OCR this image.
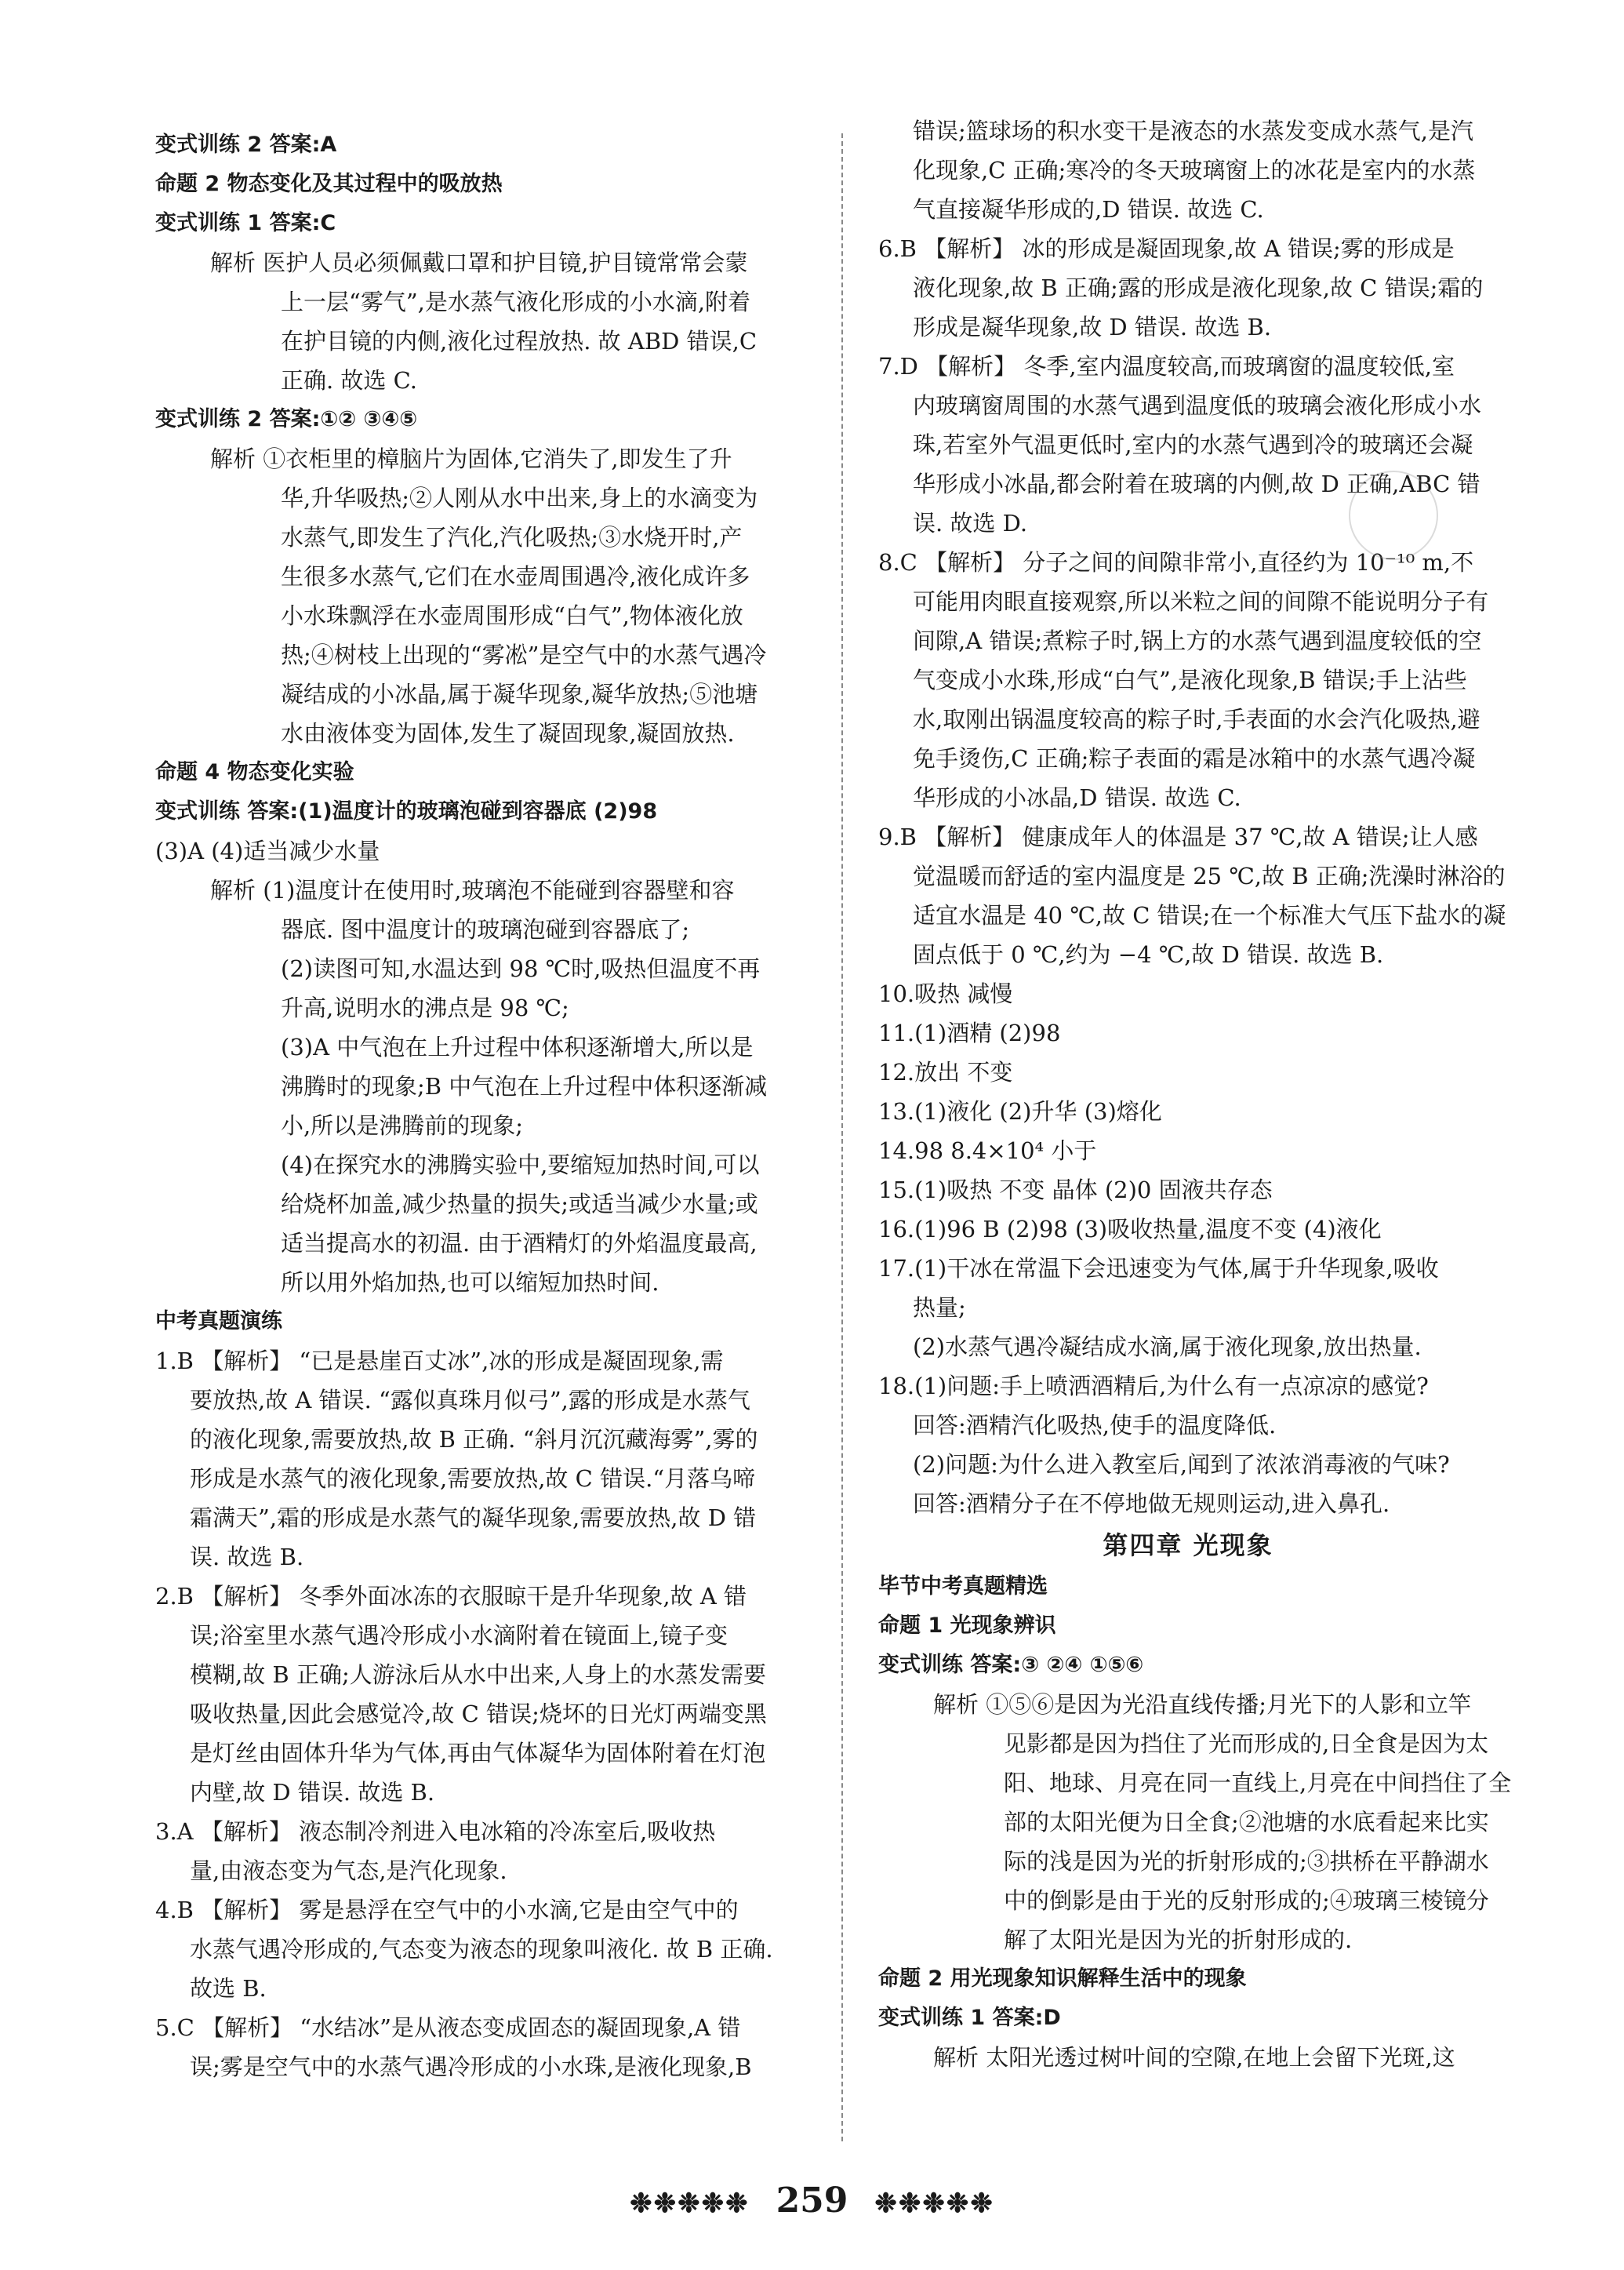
变式训练 2 答案:A
命题 2 物态变化及其过程中的吸放热
变式训练 1 答案:C
解析 医护人员必须佩戴口罩和护目镜,护目镜常常会蒙
上一层“雾气”,是水蒸气液化形成的小水滴,附着
在护目镜的内侧,液化过程放热. 故 ABD 错误,C
正确. 故选 C.
变式训练 2 答案:①② ③④⑤
解析 ①衣柜里的樟脑片为固体,它消失了,即发生了升
华,升华吸热;②人刚从水中出来,身上的水滴变为
水蒸气,即发生了汽化,汽化吸热;③水烧开时,产
生很多水蒸气,它们在水壶周围遇冷,液化成许多
小水珠飘浮在水壶周围形成“白气”,物体液化放
热;④树枝上出现的“雾凇”是空气中的水蒸气遇冷
凝结成的小冰晶,属于凝华现象,凝华放热;⑤池塘
水由液体变为固体,发生了凝固现象,凝固放热.
命题 4 物态变化实验
变式训练 答案:(1)温度计的玻璃泡碰到容器底 (2)98
(3)A (4)适当减少水量
解析 (1)温度计在使用时,玻璃泡不能碰到容器壁和容
器底. 图中温度计的玻璃泡碰到容器底了;
(2)读图可知,水温达到 98 ℃时,吸热但温度不再
升高,说明水的沸点是 98 ℃;
(3)A 中气泡在上升过程中体积逐渐增大,所以是
沸腾时的现象;B 中气泡在上升过程中体积逐渐减
小,所以是沸腾前的现象;
(4)在探究水的沸腾实验中,要缩短加热时间,可以
给烧杯加盖,减少热量的损失;或适当减少水量;或
适当提高水的初温. 由于酒精灯的外焰温度最高,
所以用外焰加热,也可以缩短加热时间.
中考真题演练
1.B 【解析】 “已是悬崖百丈冰”,冰的形成是凝固现象,需
要放热,故 A 错误. “露似真珠月似弓”,露的形成是水蒸气
的液化现象,需要放热,故 B 正确. “斜月沉沉藏海雾”,雾的
形成是水蒸气的液化现象,需要放热,故 C 错误.“月落乌啼
霜满天”,霜的形成是水蒸气的凝华现象,需要放热,故 D 错
误. 故选 B.
2.B 【解析】 冬季外面冰冻的衣服晾干是升华现象,故 A 错
误;浴室里水蒸气遇冷形成小水滴附着在镜面上,镜子变
模糊,故 B 正确;人游泳后从水中出来,人身上的水蒸发需要
吸收热量,因此会感觉冷,故 C 错误;烧坏的日光灯两端变黑
是灯丝由固体升华为气体,再由气体凝华为固体附着在灯泡
内壁,故 D 错误. 故选 B.
3.A 【解析】 液态制冷剂进入电冰箱的冷冻室后,吸收热
量,由液态变为气态,是汽化现象.
4.B 【解析】 雾是悬浮在空气中的小水滴,它是由空气中的
水蒸气遇冷形成的,气态变为液态的现象叫液化. 故 B 正确.
故选 B.
5.C 【解析】 “水结冰”是从液态变成固态的凝固现象,A 错
误;雾是空气中的水蒸气遇冷形成的小水珠,是液化现象,B
错误;篮球场的积水变干是液态的水蒸发变成水蒸气,是汽
化现象,C 正确;寒冷的冬天玻璃窗上的冰花是室内的水蒸
气直接凝华形成的,D 错误. 故选 C.
6.B 【解析】 冰的形成是凝固现象,故 A 错误;雾的形成是
液化现象,故 B 正确;露的形成是液化现象,故 C 错误;霜的
形成是凝华现象,故 D 错误. 故选 B.
7.D 【解析】 冬季,室内温度较高,而玻璃窗的温度较低,室
内玻璃窗周围的水蒸气遇到温度低的玻璃会液化形成小水
珠,若室外气温更低时,室内的水蒸气遇到冷的玻璃还会凝
华形成小冰晶,都会附着在玻璃的内侧,故 D 正确,ABC 错
误. 故选 D.
8.C 【解析】 分子之间的间隙非常小,直径约为 10⁻¹⁰ m,不
可能用肉眼直接观察,所以米粒之间的间隙不能说明分子有
间隙,A 错误;煮粽子时,锅上方的水蒸气遇到温度较低的空
气变成小水珠,形成“白气”,是液化现象,B 错误;手上沾些
水,取刚出锅温度较高的粽子时,手表面的水会汽化吸热,避
免手烫伤,C 正确;粽子表面的霜是冰箱中的水蒸气遇冷凝
华形成的小冰晶,D 错误. 故选 C.
9.B 【解析】 健康成年人的体温是 37 ℃,故 A 错误;让人感
觉温暖而舒适的室内温度是 25 ℃,故 B 正确;洗澡时淋浴的
适宜水温是 40 ℃,故 C 错误;在一个标准大气压下盐水的凝
固点低于 0 ℃,约为 −4 ℃,故 D 错误. 故选 B.
10.吸热 减慢
11.(1)酒精 (2)98
12.放出 不变
13.(1)液化 (2)升华 (3)熔化
14.98 8.4×10⁴ 小于
15.(1)吸热 不变 晶体 (2)0 固液共存态
16.(1)96 B (2)98 (3)吸收热量,温度不变 (4)液化
17.(1)干冰在常温下会迅速变为气体,属于升华现象,吸收
热量;
(2)水蒸气遇冷凝结成水滴,属于液化现象,放出热量.
18.(1)问题:手上喷洒酒精后,为什么有一点凉凉的感觉?
回答:酒精汽化吸热,使手的温度降低.
(2)问题:为什么进入教室后,闻到了浓浓消毒液的气味?
回答:酒精分子在不停地做无规则运动,进入鼻孔.
第四章 光现象
毕节中考真题精选
命题 1 光现象辨识
变式训练 答案:③ ②④ ①⑤⑥
解析 ①⑤⑥是因为光沿直线传播;月光下的人影和立竿
见影都是因为挡住了光而形成的,日全食是因为太
阳、地球、月亮在同一直线上,月亮在中间挡住了全
部的太阳光便为日全食;②池塘的水底看起来比实
际的浅是因为光的折射形成的;③拱桥在平静湖水
中的倒影是由于光的反射形成的;④玻璃三棱镜分
解了太阳光是因为光的折射形成的.
命题 2 用光现象知识解释生活中的现象
变式训练 1 答案:D
解析 太阳光透过树叶间的空隙,在地上会留下光斑,这
❉❉❉❉❉ 259 ❉❉❉❉❉
